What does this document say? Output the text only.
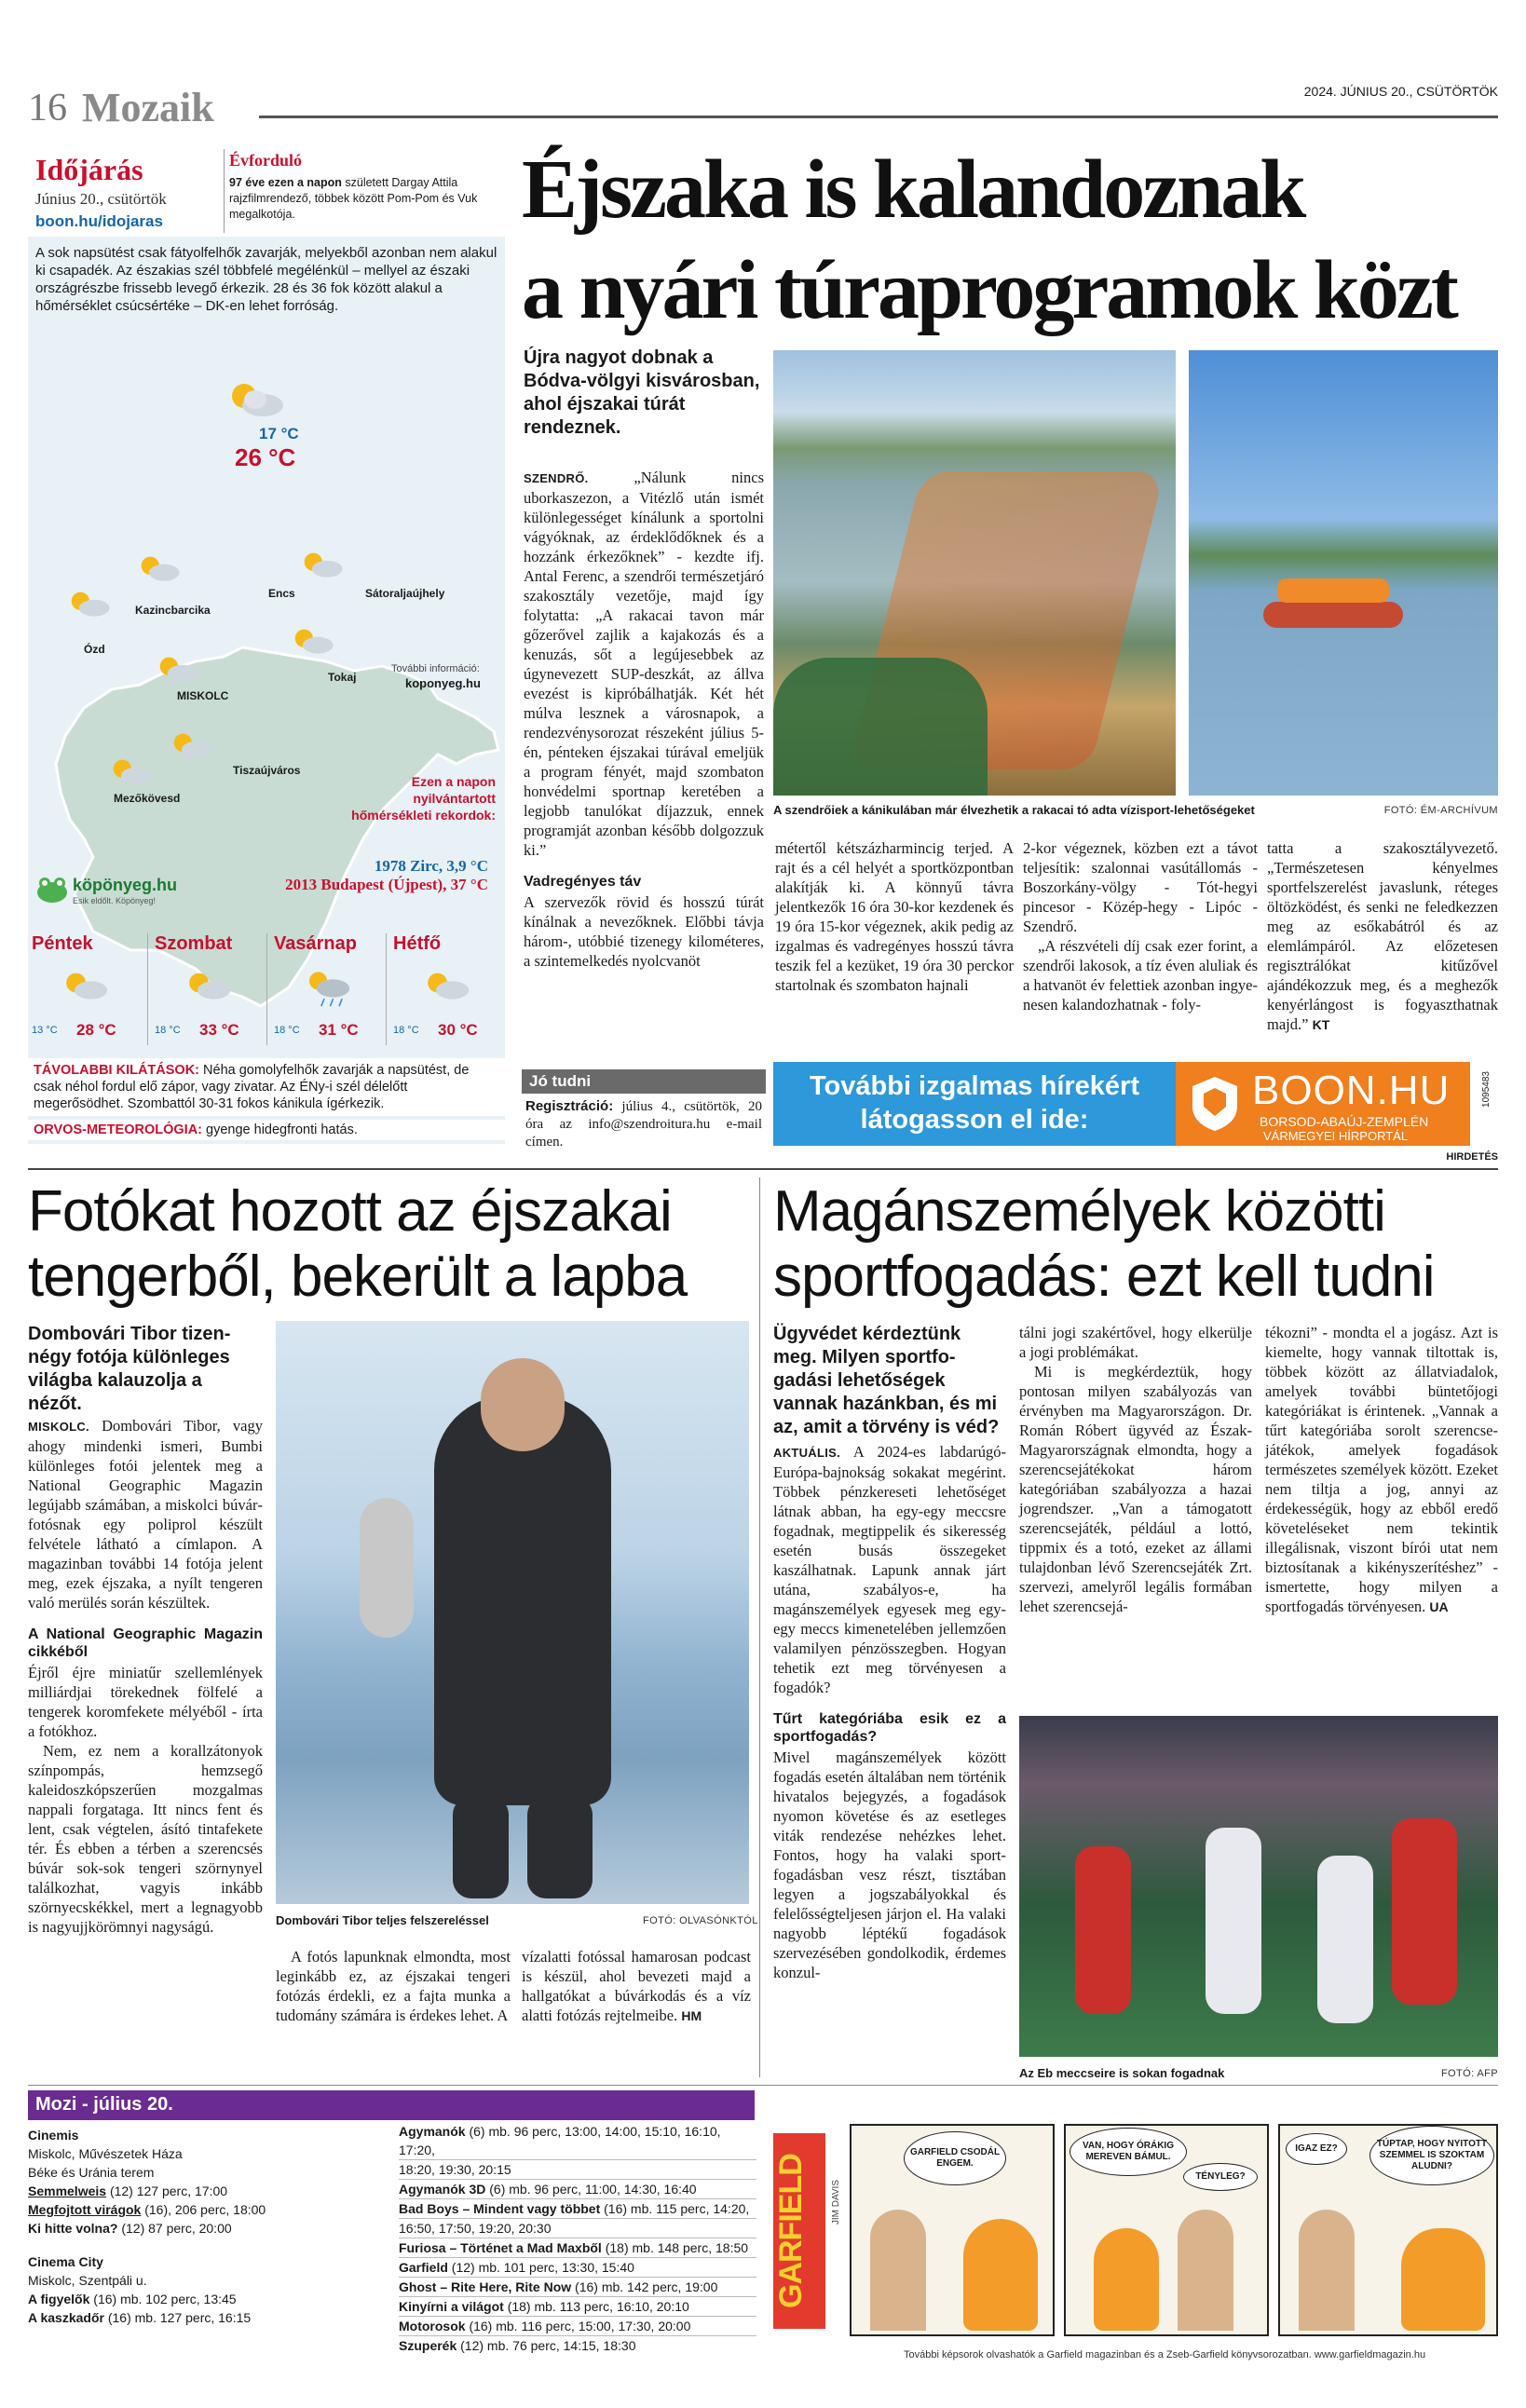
16 Mozaik	2024. JÚNIUS 20., CSÜTÖRTÖK
Időjárás
Június 20., csütörtök
boon.hu/idojaras
Évforduló
97 éve ezen a napon született Dargay Attila rajzfilmrendező, többek között Pom-Pom és Vuk megalkotója.

A sok napsütést csak fátyolfelhők zavarják, melyekből azonban nem alakul ki csapadék. Az északias szél többfelé megélénkül – mellyel az északi országrészbe frissebb levegő érkezik. 28 és 36 fok között alakul a hőmérséklet csúcsértéke – DK-en lehet forróság.

17 °C
26 °C
Kazincbarcika
Encs	Sátoraljaújhely
Ózd
Tokaj
MISKOLC
Tiszaújváros
Mezőkövesd
További információ:
koponyeg.hu
Ezen a napon nyilvántartott hőmérsékleti rekordok:
1978 Zirc, 3,9 °C
2013 Budapest (Újpest), 37 °C
köpönyeg.hu
Esik eldőlt. Köpönyeg!
Péntek
13 °C 28 °C
Szombat
18 °C 33 °C
Vasárnap
18 °C 31 °C
Hétfő
18 °C 30 °C
TÁVOLABBI KILÁTÁSOK: Néha gomolyfelhők zavarják a napsütést, de csak néhol fordul elő zápor, vagy zivatar. Az ÉNy-i szél délelőtt megerősödhet. Szombattól 30-31 fokos kánikula ígérkezik.
ORVOS-METEOROLÓGIA: gyenge hidegfronti hatás.
Éjszaka is kalandoznak
a nyári túraprogramok közt
Újra nagyot dobnak a Bódva-völgyi kisvárosban, ahol éjszakai túrát rendeznek.
A szendrőiek a kánikulában már élvezhetik a rakacai tó adta vízisport-lehetőségeket	FOTÓ: ÉM-ARCHÍVUM

SZENDRŐ. „Nálunk nincs uborkaszezon, a Vitézlő után ismét különlegességet kínálunk a sportolni vágyóknak, az érdeklődőknek és a hozzánk érkezőknek” - kezdte ifj. Antal Ferenc, a szendrői természetjáró szakosztály vezetője, majd így folytatta: „A rakacai tavon már gőzerővel zajlik a kajakozás és a kenuzás, sőt a legújesebbek az úgynevezett SUP-deszkát, az állva evezést is kipróbálhatják. Két hét múlva lesznek a városnapok, a rendezvénysorozat részeként július 5-én, pénteken éjszakai túrával emeljük a program fényét, majd szombaton honvédelmi sportnap keretében a legjobb tanulókat díjazzuk, ennek programját azonban később dolgozzuk ki.”

Vadregényes táv

A szervezők rövid és hosszú túrát kínálnak a nevezőknek. Előbbi távja három-, utóbbié tizenegy kilométeres, a szintemelkedés nyolcvanöt

Jó tudni
Regisztráció: július 4., csütörtök, 20 óra az info@szendroitura.hu e-mail címen.
métertől kétszázharmincig terjed. A rajt és a cél helyét a sportközpontban alakítják ki. A könnyű távra jelentkezők 16 óra 30-kor kezdenek és 19 óra 15-kor végeznek, akik pedig az izgalmas és vadregényes hosszú távra teszik fel a kezüket, 19 óra 30 perckor startolnak és szombaton hajnali

2-kor végeznek, közben ezt a távot teljesítik: szalonnai vasútállomás - Boszorkány-völgy - Tót-hegyi pincesor - Közép-hegy - Lipóc - Szendrő.

„A részvételi díj csak ezer forint, a szendrői lakosok, a tíz éven aluliak és a hatvanöt év felettiek azonban ingyenesen kalandozhatnak - foly-

tatta a szakosztályvezető. „Természetesen kényelmes sportfelszerelést javaslunk, réteges öltözködést, és senki ne feledkezzen meg az esőkabátról és az elemlámpáról. Az előzetesen regisztrálókat kitűzővel ajándékozzuk meg, és a meghezők kenyérlángost is fogyaszthatnak majd.” KT

További izgalmas hírekért
látogasson el ide:
BOON.HU
BORSOD-ABAÚJ-ZEMPLÉN
VÁRMEGYEI HÍRPORTÁL
1095483
HIRDETÉS
Fotókat hozott az éjszakai
tengerből, bekerült a lapba
Dombovári Tibor tizennégy fotója különleges világba kalauzolja a nézőt.
Dombovári Tibor teljes felszereléssel	FOTÓ: OLVASÓNKTÓL

MISKOLC. Dombovári Tibor, vagy ahogy mindenki ismeri, Bumbi különleges fotói jelentek meg a National Geographic Magazin legújabb számában, a miskolci búvárfotósnak egy poliprol készült felvétele látható a címlapon. A magazinban további 14 fotója jelent meg, ezek éjszaka, a nyílt tengeren való merülés során készültek.

A National Geographic Magazin cikkéből

Éjről éjre miniatűr szellemlények milliárdjai törekednek fölfelé a tengerek koromfekete mélyéből - írta a fotókhoz.

Nem, ez nem a korallzátonyok színpompás, hemzsegő kaleidoszkópszerűen mozgalmas nappali forgataga. Itt nincs fent és lent, csak végtelen, ásító tintafekete tér. És ebben a térben a szerencsés búvár sok-sok tengeri szörnynyel találkozhat, vagyis inkább szörnyecskékkel, mert a legnagyobb is nagyujjkörömnyi nagyságú.

A fotós lapunknak elmondta, most leginkább ez, az éjszakai tengeri fotózás érdekli, ez a fajta munka a tudomány számára is érdekes lehet. A

vízalatti fotóssal hamarosan podcast is készül, ahol bevezeti majd a hallgatókat a búvárkodás és a víz alatti fotózás rejtelmeibe. HM

Magánszemélyek közötti
sportfogadás: ezt kell tudni
Ügyvédet kérdeztünk meg. Milyen sportfogadási lehetőségek vannak hazánkban, és mi az, amit a törvény is véd?

AKTUÁLIS. A 2024-es labdarúgó-Európa-bajnokság sokakat megérint. Többek pénzkereseti lehetőséget látnak abban, ha egy-egy meccsre fogadnak, megtippelik és sikeresség esetén busás összegeket kaszálhatnak. Lapunk annak járt utána, szabályos-e, ha magánszemélyek egyesek meg egy-egy meccs kimenetelében jellemzően valamilyen pénzösszegben. Hogyan tehetik ezt meg törvényesen a fogadók?

Tűrt kategóriába esik ez a sportfogadás?

Mivel magánszemélyek között fogadás esetén általában nem történik hivatalos bejegyzés, a fogadások nyomon követése és az esetleges viták rendezése nehézkes lehet. Fontos, hogy ha valaki sportfogadásban vesz részt, tisztában legyen a jogszabályokkal és felelősségteljesen járjon el. Ha valaki nagyobb léptékű fogadások szervezésében gondolkodik, érdemes konzul-

tálni jogi szakértővel, hogy elkerülje a jogi problémákat.

Mi is megkérdeztük, hogy pontosan milyen szabályozás van érvényben ma Magyarországon. Dr. Román Róbert ügyvéd az Észak-Magyarországnak elmondta, hogy a szerencsejátékokat három kategóriában szabályozza a hazai jogrendszer. „Van a támogatott szerencsejáték, például a lottó, tippmix és a totó, ezeket az állami tulajdonban lévő Szerencsejáték Zrt. szervezi, amelyről legális formában lehet szerencsejá-

tékozni” - mondta el a jogász. Azt is kiemelte, hogy vannak tiltottak is, többek között az állatviadalok, amelyek további büntetőjogi kategóriákat is érintenek. „Vannak a tűrt kategóriába sorolt szerencsejátékok, amelyek fogadások természetes személyek között. Ezeket nem tiltja a jog, annyi az érdekességük, hogy az ebből eredő követeléseket nem tekintik illegálisnak, viszont bírói utat nem biztosítanak a kikényszerítéshez” - ismertette, hogy milyen a sportfogadás törvényesen. UA

Az Eb meccseire is sokan fogadnak	FOTÓ: AFP
Mozi - július 20.
Cinemis
Miskolc, Művészetek Háza
Béke és Uránia terem
Semmelweis (12) 127 perc, 17:00
Megfojtott virágok (16), 206 perc, 18:00
Ki hitte volna? (12) 87 perc, 20:00
Cinema City
Miskolc, Szentpáli u.
A figyelők (16) mb. 102 perc, 13:45
A kaszkadőr (16) mb. 127 perc, 16:15
Agymanók (6) mb. 96 perc, 13:00, 14:00, 15:10, 16:10, 17:20,
18:20, 19:30, 20:15
Agymanók 3D (6) mb. 96 perc, 11:00, 14:30, 16:40
Bad Boys – Mindent vagy többet (16) mb. 115 perc, 14:20,
16:50, 17:50, 19:20, 20:30
Furiosa – Történet a Mad Maxből (18) mb. 148 perc, 18:50
Garfield (12) mb. 101 perc, 13:30, 15:40
Ghost – Rite Here, Rite Now (16) mb. 142 perc, 19:00
Kinyírni a világot (18) mb. 113 perc, 16:10, 20:10
Motorosok (16) mb. 116 perc, 15:00, 17:30, 20:00
Szuperék (12) mb. 76 perc, 14:15, 18:30
GARFIELD	JIM DAVIS
GARFIELD CSODÁL ENGEM.
VAN, HOGY ÓRÁKIG MEREVEN BÁMUL.
TÉNYLEG?
IGAZ EZ?	TÚPTAP, HOGY NYITOTT SZEMMEL IS SZOKTAM ALUDNI?
További képsorok olvashatók a Garfield magazinban és a Zseb-Garfield könyvsorozatban. www.garfieldmagazin.hu
